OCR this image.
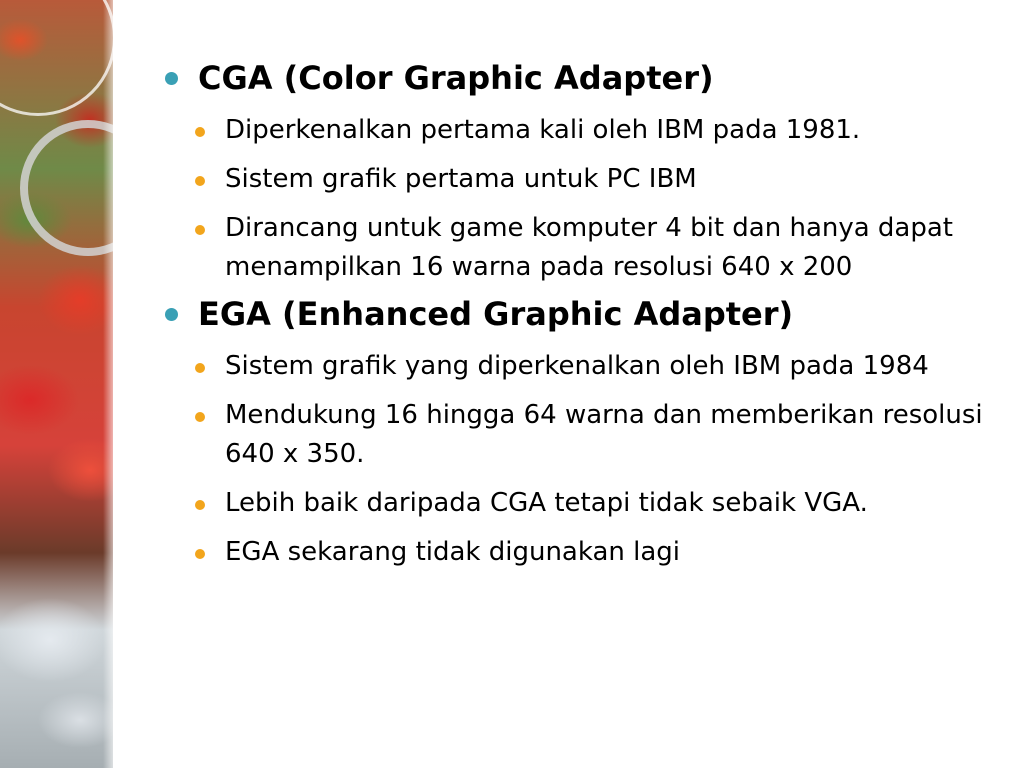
CGA (Color Graphic Adapter)
Diperkenalkan pertama kali oleh IBM pada 1981.
Sistem grafik pertama untuk PC IBM
Dirancang untuk game komputer 4 bit dan hanya dapat  menampilkan 16 warna pada resolusi 640 x 200
EGA (Enhanced Graphic Adapter)
Sistem grafik yang diperkenalkan oleh IBM pada 1984
Mendukung 16 hingga 64 warna dan memberikan resolusi  640 x 350.
Lebih baik daripada CGA tetapi tidak sebaik VGA.
EGA sekarang tidak digunakan lagi
